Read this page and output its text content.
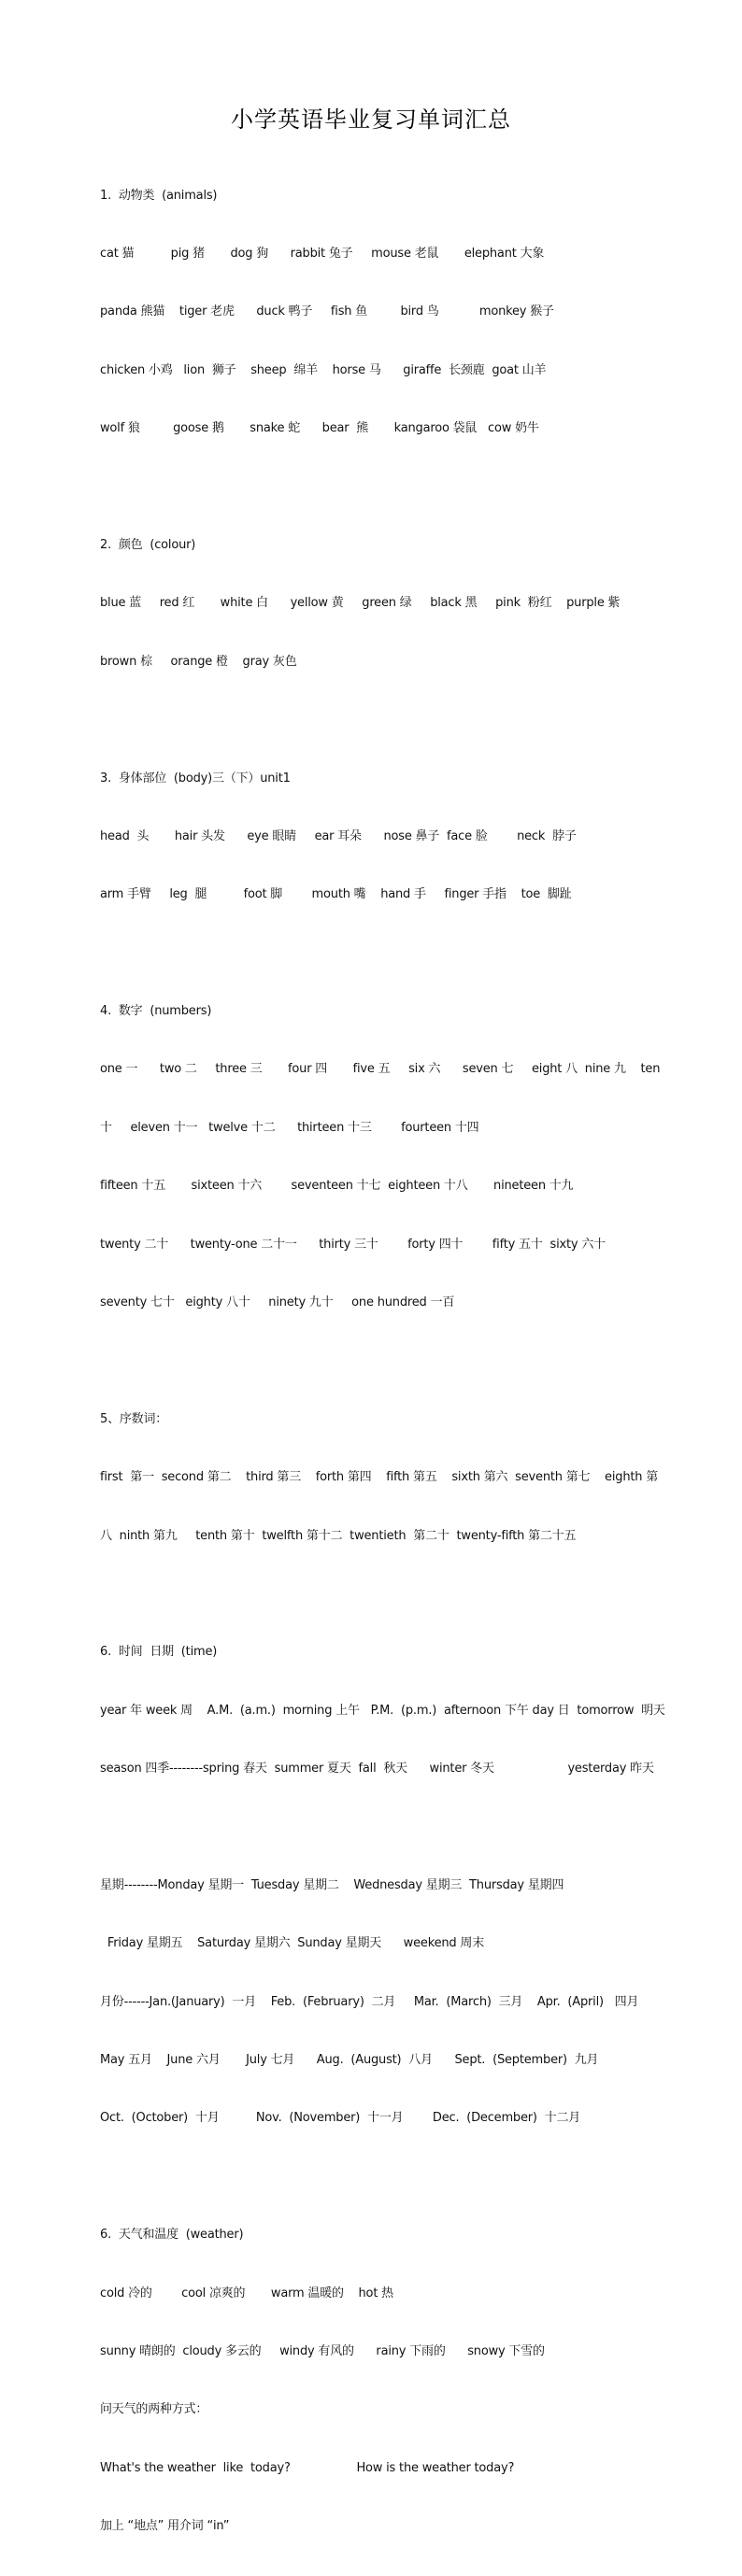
小学英语毕业复习单词汇总

1.  动物类  (animals)

cat 猫          pig 猪       dog 狗      rabbit 兔子     mouse 老鼠       elephant 大象

panda 熊猫    tiger 老虎      duck 鸭子     fish 鱼         bird 鸟           monkey 猴子

chicken 小鸡   lion  狮子    sheep  绵羊    horse 马      giraffe  长颈鹿  goat 山羊

wolf 狼         goose 鹅       snake 蛇      bear  熊       kangaroo 袋鼠   cow 奶牛

2.  颜色  (colour)

blue 蓝     red 红       white 白      yellow 黄     green 绿     black 黑     pink  粉红    purple 紫

brown 棕     orange 橙    gray 灰色

3.  身体部位  (body)三（下）unit1

head  头       hair 头发      eye 眼睛     ear 耳朵      nose 鼻子  face 脸        neck  脖子

arm 手臂     leg  腿          foot 脚        mouth 嘴    hand 手     finger 手指    toe  脚趾

4.  数字  (numbers)

one 一      two 二     three 三       four 四       five 五     six 六      seven 七     eight 八  nine 九    ten

十     eleven 十一   twelve 十二      thirteen 十三        fourteen 十四

fifteen 十五       sixteen 十六        seventeen 十七  eighteen 十八       nineteen 十九

twenty 二十      twenty-one 二十一      thirty 三十        forty 四十        fifty 五十  sixty 六十

seventy 七十   eighty 八十     ninety 九十     one hundred 一百

5、序数词：

first  第一  second 第二    third 第三    forth 第四    fifth 第五    sixth 第六  seventh 第七    eighth 第

八  ninth 第九     tenth 第十  twelfth 第十二  twentieth  第二十  twenty-fifth 第二十五

6.  时间  日期  (time)

year 年 week 周    A.M.  (a.m.)  morning 上午   P.M.  (p.m.)  afternoon 下午 day 日  tomorrow  明天

season 四季--------spring 春天  summer 夏天  fall  秋天      winter 冬天                    yesterday 昨天

星期--------Monday 星期一  Tuesday 星期二    Wednesday 星期三  Thursday 星期四

Friday 星期五    Saturday 星期六  Sunday 星期天      weekend 周末

月份------Jan.(January)  一月    Feb.  (February)  二月     Mar.  (March)  三月    Apr.  (April)   四月

May 五月    June 六月       July 七月      Aug.  (August)  八月      Sept.  (September)  九月

Oct.  (October)  十月          Nov.  (November)  十一月        Dec.  (December)  十二月

6.  天气和温度  (weather)

cold 冷的        cool 凉爽的       warm 温暖的    hot 热

sunny 晴朗的  cloudy 多云的     windy 有风的      rainy 下雨的      snowy 下雪的

问天气的两种方式：

What's the weather  like  today?                  How is the weather today?

加上 “地点” 用介词 “in”
